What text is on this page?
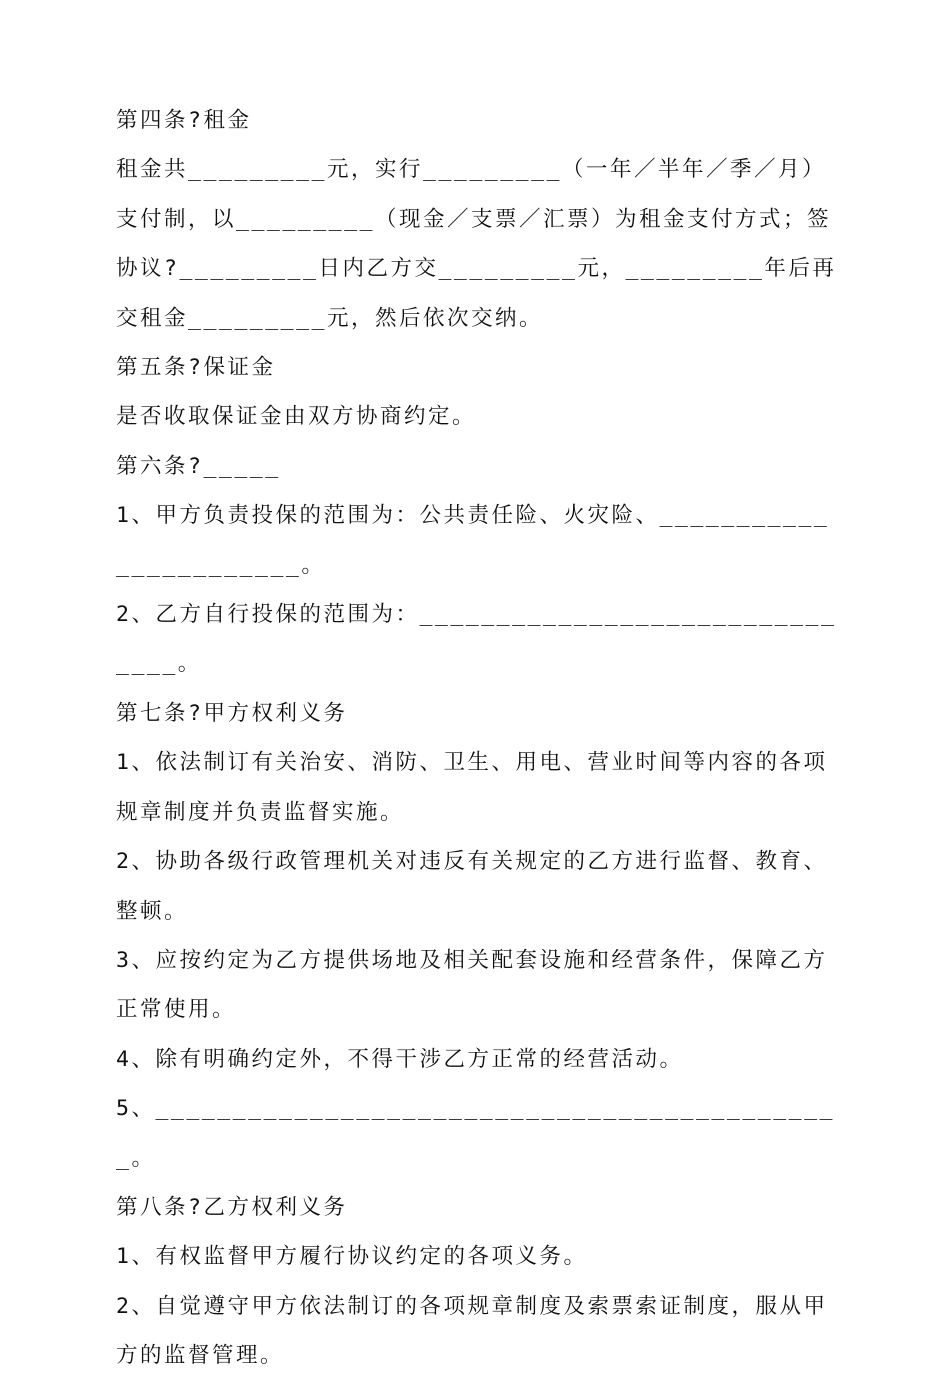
第四条?租金

租金共_________元，实行_________（一年／半年／季／月）支付制，以_________（现金／支票／汇票）为租金支付方式；签协议?_________日内乙方交_________元，_________年后再交租金_________元，然后依次交纳。

第五条?保证金

是否收取保证金由双方协商约定。

第六条?_____

1、甲方负责投保的范围为：公共责任险、火灾险、_______________________。

2、乙方自行投保的范围为：_______________________________。

第七条?甲方权利义务

1、依法制订有关治安、消防、卫生、用电、营业时间等内容的各项规章制度并负责监督实施。

2、协助各级行政管理机关对违反有关规定的乙方进行监督、教育、整顿。

3、应按约定为乙方提供场地及相关配套设施和经营条件，保障乙方正常使用。

4、除有明确约定外，不得干涉乙方正常的经营活动。

5、_____________________________________________。

第八条?乙方权利义务

1、有权监督甲方履行协议约定的各项义务。

2、自觉遵守甲方依法制订的各项规章制度及索票索证制度，服从甲方的监督管理。
